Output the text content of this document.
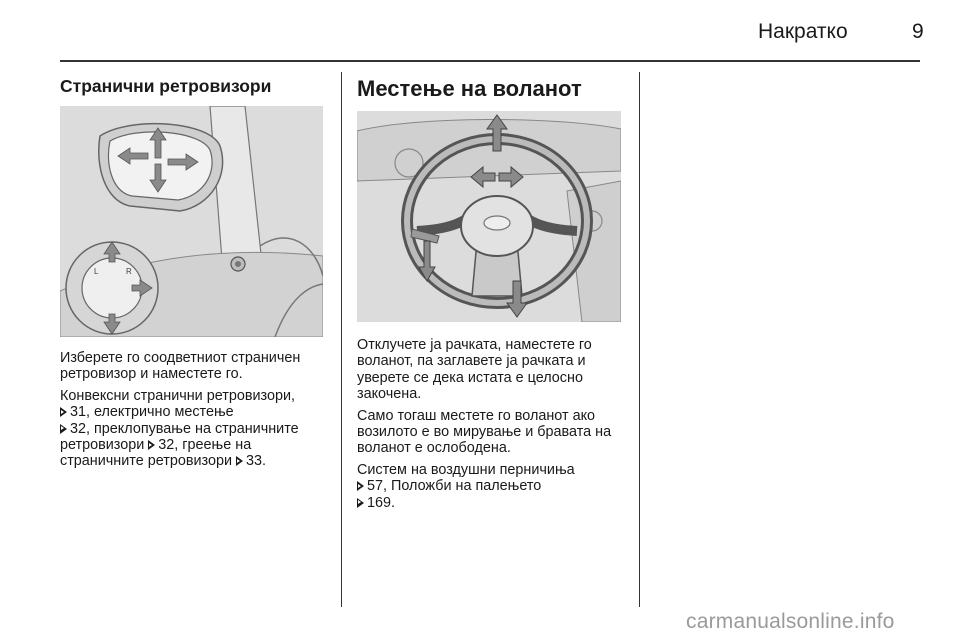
Накратко	9
Странични ретровизори
L	R

Изберете го соодветниот страничен ретровизор и наместете го.

Конвексни странични ретровизори,
31, електрично местење
32, преклопување на страничните ретровизори 32, греење на страничните ретровизори 33.

Местење на воланот

Отклучете ја рачката, наместете го воланот, па заглавете ја рачката и уверете се дека истата е целосно закочена.

Само тогаш местете го воланот ако возилото е во мирување и бравата на воланот е ослободена.

Систем на воздушни перничиња
57, Положби на палењето
169.

carmanualsonline.info
